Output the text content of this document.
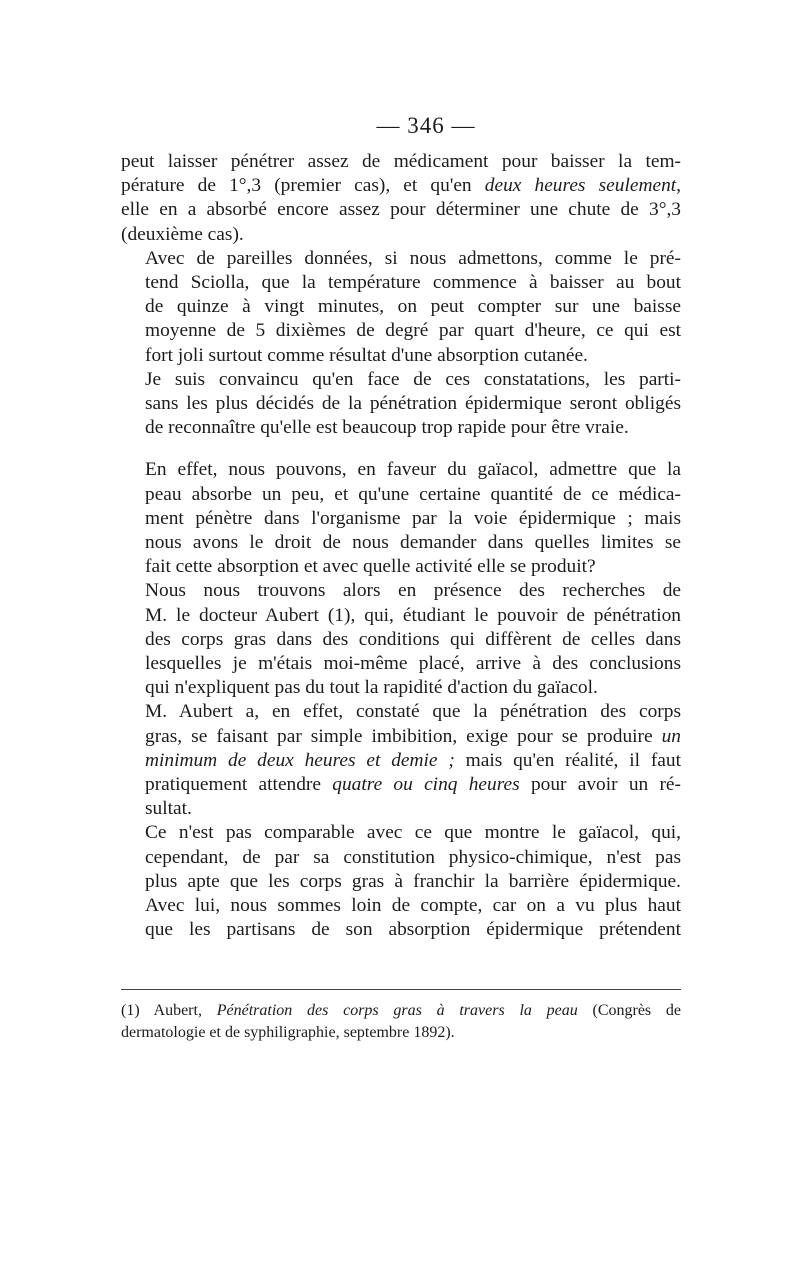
— 346 —

peut laisser pénétrer assez de médicament pour baisser la tem-
pérature de 1°,3 (premier cas), et qu'en deux heures seulement,
elle en a absorbé encore assez pour déterminer une chute de 3°,3
(deuxième cas).

Avec de pareilles données, si nous admettons, comme le pré-
tend Sciolla, que la température commence à baisser au bout
de quinze à vingt minutes, on peut compter sur une baisse
moyenne de 5 dixièmes de degré par quart d'heure, ce qui est
fort joli surtout comme résultat d'une absorption cutanée.

Je suis convaincu qu'en face de ces constatations, les parti-
sans les plus décidés de la pénétration épidermique seront obligés
de reconnaître qu'elle est beaucoup trop rapide pour être vraie.

En effet, nous pouvons, en faveur du gaïacol, admettre que la
peau absorbe un peu, et qu'une certaine quantité de ce médica-
ment pénètre dans l'organisme par la voie épidermique ; mais
nous avons le droit de nous demander dans quelles limites se
fait cette absorption et avec quelle activité elle se produit?

Nous nous trouvons alors en présence des recherches de
M. le docteur Aubert (1), qui, étudiant le pouvoir de pénétration
des corps gras dans des conditions qui diffèrent de celles dans
lesquelles je m'étais moi-même placé, arrive à des conclusions
qui n'expliquent pas du tout la rapidité d'action du gaïacol.

M. Aubert a, en effet, constaté que la pénétration des corps
gras, se faisant par simple imbibition, exige pour se produire un
minimum de deux heures et demie ; mais qu'en réalité, il faut
pratiquement attendre quatre ou cinq heures pour avoir un ré-
sultat.

Ce n'est pas comparable avec ce que montre le gaïacol, qui,
cependant, de par sa constitution physico-chimique, n'est pas
plus apte que les corps gras à franchir la barrière épidermique.
Avec lui, nous sommes loin de compte, car on a vu plus haut
que les partisans de son absorption épidermique prétendent

(1) Aubert, Pénétration des corps gras à travers la peau (Congrès de
dermatologie et de syphiligraphie, septembre 1892).
